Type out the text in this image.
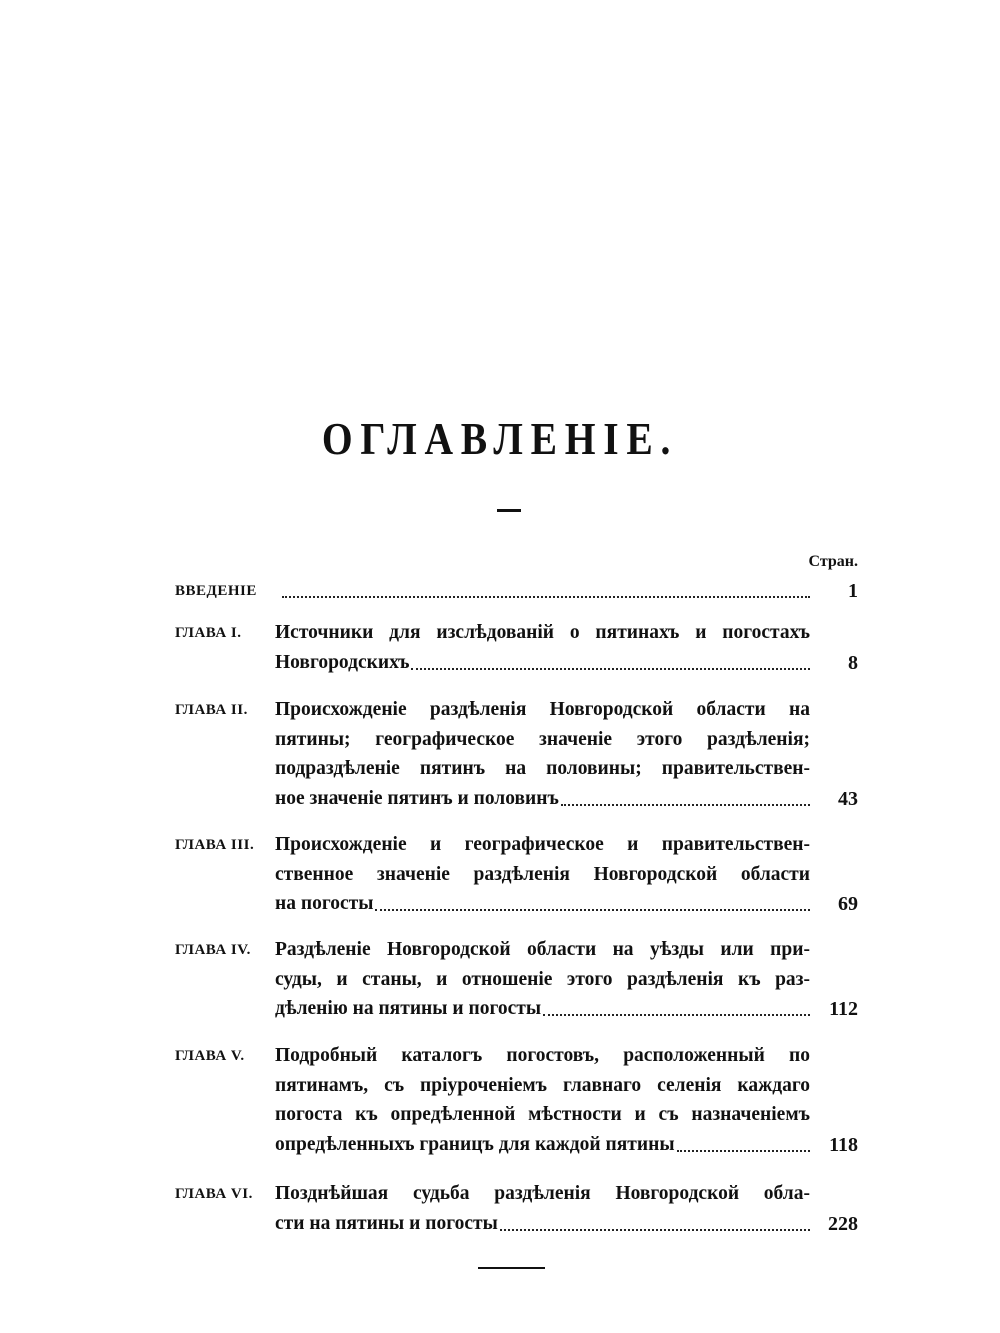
ОГЛАВЛЕНІЕ.
Стран.
ВВЕДЕНІЕ	1
ГЛАВА I. Источники для изслѣдованій о пятинахъ и погостахъ
Новгородскихъ	8
ГЛАВА II. Происхожденіе раздѣленія Новгородской области на
пятины; географическое значеніе этого раздѣленія;
подраздѣленіе пятинъ на половины; правительствен-
ное значеніе пятинъ и половинъ	43
ГЛАВА III. Происхожденіе и географическое и правительствен-
ственное значеніе раздѣленія Новгородской области
на погосты	69
ГЛАВА IV. Раздѣленіе Новгородской области на уѣзды или при-
суды, и станы, и отношеніе этого раздѣленія къ раз-
дѣленію на пятины и погосты	112
ГЛАВА V. Подробный каталогъ погостовъ, расположенный по
пятинамъ, съ пріуроченіемъ главнаго селенія каждаго
погоста къ опредѣленной мѣстности и съ назначеніемъ
опредѣленныхъ границъ для каждой пятины	118
ГЛАВА VI. Позднѣйшая судьба раздѣленія Новгородской обла-
сти на пятины и погосты	228
